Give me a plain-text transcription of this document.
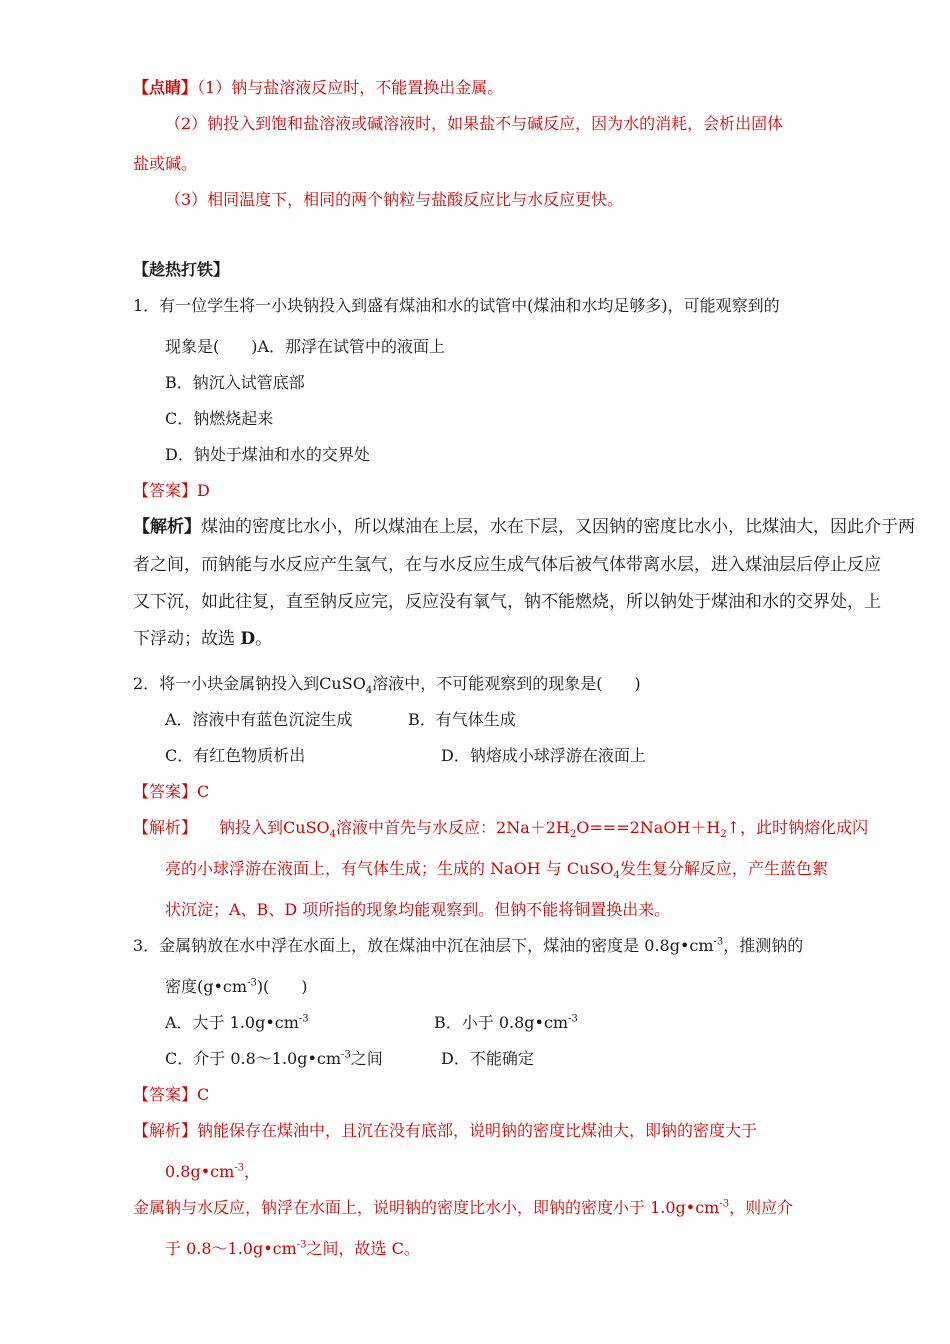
【点睛】（1）钠与盐溶液反应时，不能置换出金属。
（2）钠投入到饱和盐溶液或碱溶液时，如果盐不与碱反应，因为水的消耗，会析出固体
盐或碱。
（3）相同温度下，相同的两个钠粒与盐酸反应比与水反应更快。
【趁热打铁】
1．有一位学生将一小块钠投入到盛有煤油和水的试管中(煤油和水均足够多)，可能观察到的
现象是(　　)A．那浮在试管中的液面上
B．钠沉入试管底部
C．钠燃烧起来
D．钠处于煤油和水的交界处
【答案】D
【解析】煤油的密度比水小，所以煤油在上层，水在下层，又因钠的密度比水小，比煤油大，因此介于两
者之间，而钠能与水反应产生氢气，在与水反应生成气体后被气体带离水层，进入煤油层后停止反应
又下沉，如此往复，直至钠反应完，反应没有氧气，钠不能燃烧，所以钠处于煤油和水的交界处，上
下浮动；故选 D。
2．将一小块金属钠投入到CuSO$_4$溶液中，不可能观察到的现象是(　　)
A．溶液中有蓝色沉淀生成	B．有气体生成
C．有红色物质析出	D．钠熔成小球浮游在液面上
【答案】C
【解析】 钠投入到CuSO$_4$溶液中首先与水反应：$2Na+2H_2O===2NaOH+H_2↑$，此时钠熔化成闪
亮的小球浮游在液面上，有气体生成；生成的 NaOH 与 CuSO$_4$发生复分解反应，产生蓝色絮
状沉淀；A、B、D 项所指的现象均能观察到。但钠不能将铜置换出来。
3．金属钠放在水中浮在水面上，放在煤油中沉在油层下，煤油的密度是 $0.8g•cm^{-3}$，推测钠的
密度$(g•cm^{-3})$(　　)
A．大于 $1.0g•cm^{-3}$	B．小于 $0.8g•cm^{-3}$
C．介于 $0.8\sim 1.0g•cm^{-3}$之间	D．不能确定
【答案】C
【解析】钠能保存在煤油中，且沉在没有底部，说明钠的密度比煤油大，即钠的密度大于
$0.8g•cm^{-3}$，
金属钠与水反应，钠浮在水面上，说明钠的密度比水小，即钠的密度小于 $1.0g•cm^{-3}$，则应介
于 $0.8\sim 1.0g•cm^{-3}$之间，故选 C。
